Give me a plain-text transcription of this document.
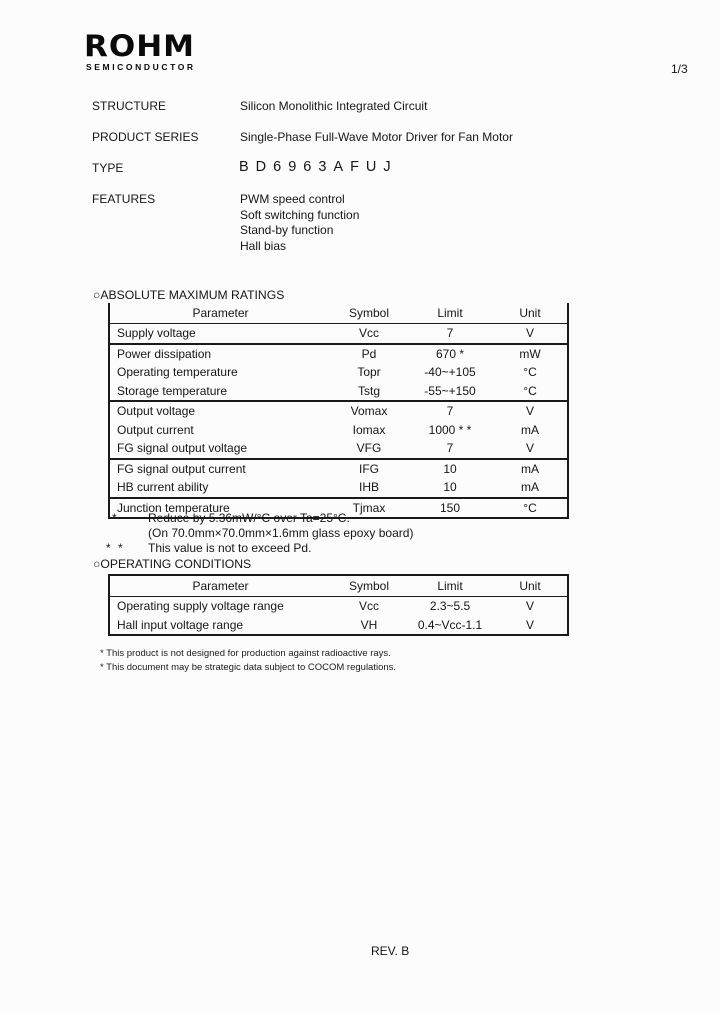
ROHM
SEMICONDUCTOR	1/3
STRUCTURE	Silicon Monolithic Integrated Circuit
PRODUCT SERIES	Single-Phase Full-Wave Motor Driver for Fan Motor
TYPE	BD6963AFUJ
FEATURES	PWM speed control
Soft switching function
Stand-by function
Hall bias
○ABSOLUTE MAXIMUM RATINGS
Parameter	Symbol	Limit	Unit
Supply voltage	Vcc	7	V
Power dissipation	Pd	670 *	mW
Operating temperature	Topr	-40~+105	°C
Storage temperature	Tstg	-55~+150	°C
Output voltage	Vomax	7	V
Output current	Iomax	1000 * *	mA
FG signal output voltage	VFG	7	V
FG signal output current	IFG	10	mA
HB current ability	IHB	10	mA
Junction temperature	Tjmax	150	°C
* Reduce by 5.36mW/°C over Ta=25°C.
(On 70.0mm×70.0mm×1.6mm glass epoxy board)
* * This value is not to exceed Pd.
○OPERATING CONDITIONS
Parameter	Symbol	Limit	Unit
Operating supply voltage range	Vcc	2.3~5.5	V
Hall input voltage range	VH	0.4~Vcc-1.1	V
* This product is not designed for production against radioactive rays.
* This document may be strategic data subject to COCOM regulations.
REV. B
